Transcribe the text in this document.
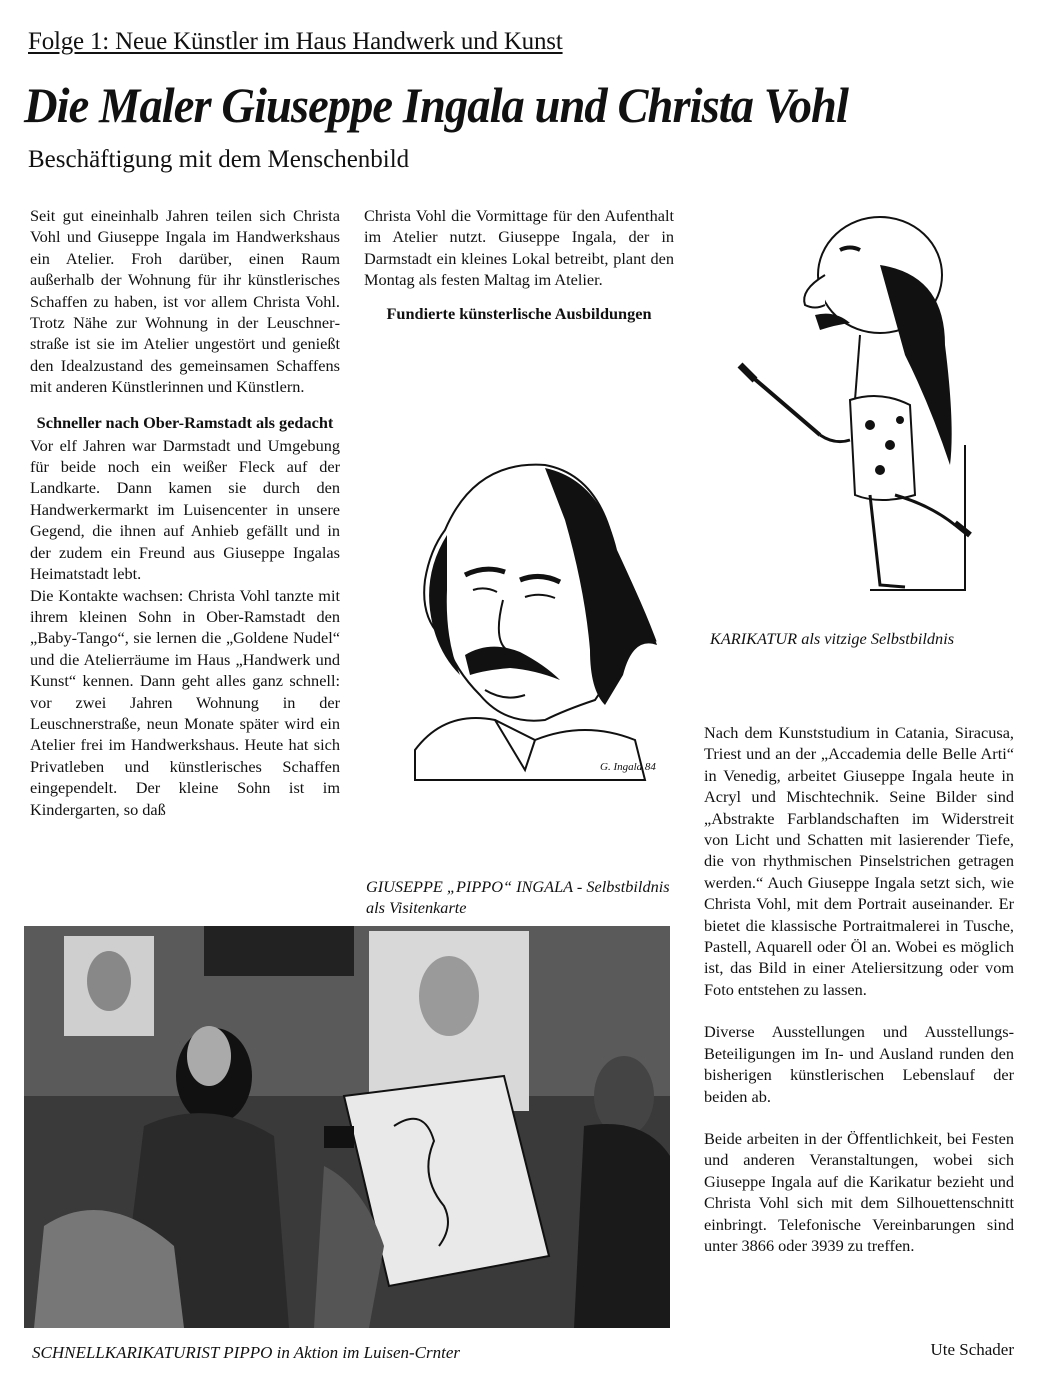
Folge 1: Neue Künstler im Haus Handwerk und Kunst
Die Maler Giuseppe Ingala und Christa Vohl
Beschäftigung mit dem Menschenbild

Seit gut eineinhalb Jahren teilen sich Christa Vohl und Giuseppe Ingala im Handwerkshaus ein Atelier. Froh darüber, einen Raum außerhalb der Wohnung für ihr künstlerisches Schaffen zu haben, ist vor allem Christa Vohl. Trotz Nähe zur Wohnung in der Leuschnerstraße ist sie im Atelier ungestört und genießt den Idealzustand des gemeinsamen Schaffens mit anderen Künstlerinnen und Künstlern.

Schneller nach Ober-Ramstadt als gedacht

Vor elf Jahren war Darmstadt und Umgebung für beide noch ein weißer Fleck auf der Landkarte. Dann kamen sie durch den Handwerkermarkt im Luisencenter in unsere Gegend, die ihnen auf Anhieb gefällt und in der zudem ein Freund aus Giuseppe Ingalas Heimatstadt lebt.

Die Kontakte wachsen: Christa Vohl tanzte mit ihrem kleinen Sohn in Ober-Ramstadt den „Baby-Tango“, sie lernen die „Goldene Nudel“ und die Atelierräume im Haus „Handwerk und Kunst“ kennen. Dann geht alles ganz schnell: vor zwei Jahren Wohnung in der Leuschnerstraße, neun Monate später wird ein Atelier frei im Handwerkshaus. Heute hat sich Privatleben und künstlerisches Schaffen eingependelt. Der kleine Sohn ist im Kindergarten, so daß

Christa Vohl die Vormittage für den Aufenthalt im Atelier nutzt. Giuseppe Ingala, der in Darmstadt ein kleines Lokal betreibt, plant den Montag als festen Maltag im Atelier.

Fundierte künsterlische Ausbildungen
G. Ingala 84
GIUSEPPE „PIPPO“ INGALA - Selbstbildnis als Visitenkarte
KARIKATUR als vitzige Selbstbildnis

Nach dem Kunststudium in Catania, Siracusa, Triest und an der „Accademia delle Belle Arti“ in Venedig, arbeitet Giuseppe Ingala heute in Acryl und Mischtechnik. Seine Bilder sind „Abstrakte Farblandschaften im Widerstreit von Licht und Schatten mit lasierender Tiefe, die von rhythmischen Pinselstrichen getragen werden.“ Auch Giuseppe Ingala setzt sich, wie Christa Vohl, mit dem Portrait auseinander. Er bietet die klassische Portraitmalerei in Tusche, Pastell, Aquarell oder Öl an. Wobei es möglich ist, das Bild in einer Ateliersitzung oder vom Foto entstehen zu lassen.

Diverse Ausstellungen und Ausstellungs-Beteiligungen im In- und Ausland runden den bisherigen künstlerischen Lebenslauf der beiden ab.

Beide arbeiten in der Öffentlichkeit, bei Festen und anderen Veranstaltungen, wobei sich Giuseppe Ingala auf die Karikatur bezieht und Christa Vohl sich mit dem Silhouettenschnitt einbringt. Telefonische Vereinbarungen sind unter 3866 oder 3939 zu treffen.

Ute Schader
SCHNELLKARIKATURIST PIPPO in Aktion im Luisen-Crnter
